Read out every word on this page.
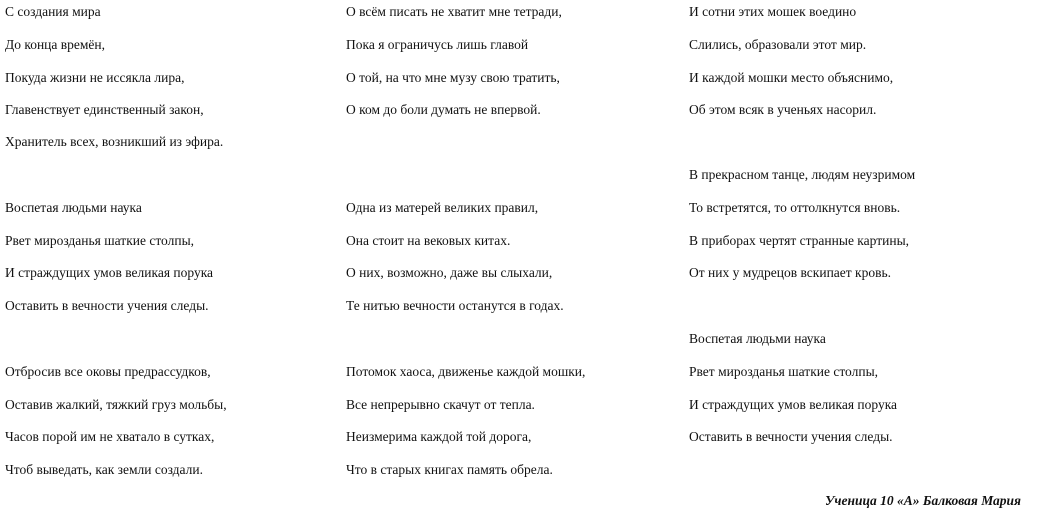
С создания мира
До конца времён,
Покуда жизни не иссякла лира,
Главенствует единственный закон,
Хранитель всех, возникший из эфира.
Воспетая людьми наука
Рвет мирозданья шаткие столпы,
И страждущих умов великая порука
Оставить в вечности учения следы.
Отбросив все оковы предрассудков,
Оставив жалкий, тяжкий груз мольбы,
Часов порой им не хватало в сутках,
Чтоб выведать, как земли создали.
О всём писать не хватит мне тетради,
Пока я ограничусь лишь главой
О той, на что мне музу свою тратить,
О ком до боли думать не впервой.
Одна из матерей великих правил,
Она стоит на вековых китах.
О них, возможно, даже вы слыхали,
Те нитью вечности останутся в годах.
Потомок хаоса, движенье каждой мошки,
Все непрерывно скачут от тепла.
Неизмерима каждой той дорога,
Что в старых книгах память обрела.
И сотни этих мошек воедино
Слились, образовали этот мир.
И каждой мошки место объяснимо,
Об этом всяк в ученьях насорил.
В прекрасном танце, людям неузримом
То встретятся, то оттолкнутся вновь.
В приборах чертят странные картины,
От них у мудрецов вскипает кровь.
Воспетая людьми наука
Рвет мирозданья шаткие столпы,
И страждущих умов великая порука
Оставить в вечности учения следы.
Ученица 10 «А» Балковая Мария
